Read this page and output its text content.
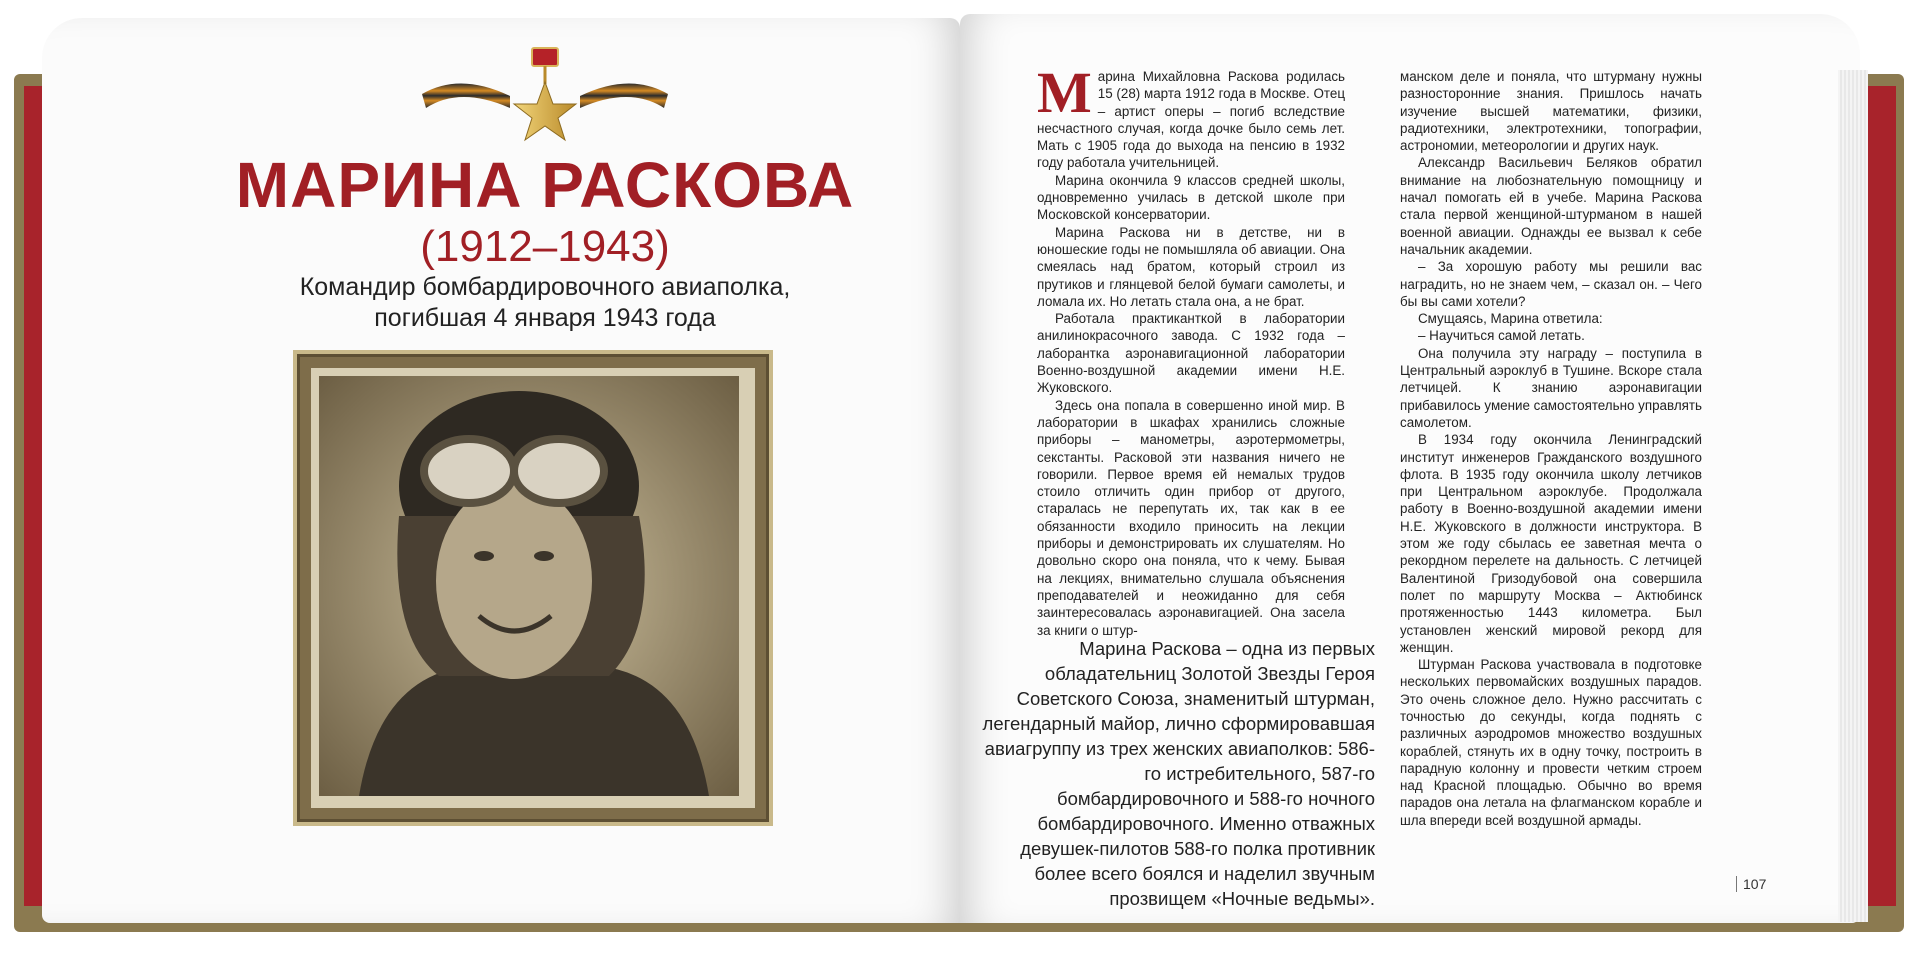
МАРИНА РАСКОВА

(1912–1943)

Командир бомбардировочного авиаполка,
погибшая 4 января 1943 года

Марина Раскова – одна из первых обладательниц Золотой Звезды Героя Советского Союза, знаменитый штурман, легендарный майор, лично сформировавшая авиагруппу из трех женских авиаполков: 586-го истребительного, 587-го бомбардировочного и 588-го ночного бомбардировочного. Именно отважных девушек-пилотов 588-го полка противник более всего боялся и наделил звучным прозвищем «Ночные ведьмы».

Марина Михайловна Раскова родилась 15 (28) марта 1912 года в Москве. Отец – артист оперы – погиб вследствие несчастного случая, когда дочке было семь лет. Мать с 1905 года до выхода на пенсию в 1932 году работала учительницей.

Марина окончила 9 классов средней школы, одновременно училась в детской школе при Московской консерватории.

Марина Раскова ни в детстве, ни в юношеские годы не помышляла об авиации. Она смеялась над братом, который строил из прутиков и глянцевой белой бумаги самолеты, и ломала их. Но летать стала она, а не брат.

Работала практиканткой в лаборатории анилинокрасочного завода. С 1932 года – лаборантка аэронавигационной лаборатории Военно-воздушной академии имени Н.Е. Жуковского.

Здесь она попала в совершенно иной мир. В лаборатории в шкафах хранились сложные приборы – манометры, аэротермометры, секстанты. Расковой эти названия ничего не говорили. Первое время ей немалых трудов стоило отличить один прибор от другого, старалась не перепутать их, так как в ее обязанности входило приносить на лекции приборы и демонстрировать их слушателям. Но довольно скоро она поняла, что к чему. Бывая на лекциях, внимательно слушала объяснения преподавателей и неожиданно для себя заинтересовалась аэронавигацией. Она засела за книги о штур-

манском деле и поняла, что штурману нужны разносторонние знания. Пришлось начать изучение высшей математики, физики, радиотехники, электротехники, топографии, астрономии, метеорологии и других наук.

Александр Васильевич Беляков обратил внимание на любознательную помощницу и начал помогать ей в учебе. Марина Раскова стала первой женщиной-штурманом в нашей военной авиации. Однажды ее вызвал к себе начальник академии.

– За хорошую работу мы решили вас наградить, но не знаем чем, – сказал он. – Чего бы вы сами хотели?

Смущаясь, Марина ответила:

– Научиться самой летать.

Она получила эту награду – поступила в Центральный аэроклуб в Тушине. Вскоре стала летчицей. К знанию аэронавигации прибавилось умение самостоятельно управлять самолетом.

В 1934 году окончила Ленинградский институт инженеров Гражданского воздушного флота. В 1935 году окончила школу летчиков при Центральном аэроклубе. Продолжала работу в Военно-воздушной академии имени Н.Е. Жуковского в должности инструктора. В этом же году сбылась ее заветная мечта о рекордном перелете на дальность. С летчицей Валентиной Гризодубовой она совершила полет по маршруту Москва – Актюбинск протяженностью 1443 километра. Был установлен женский мировой рекорд для женщин.

Штурман Раскова участвовала в подготовке нескольких первомайских воздушных парадов. Это очень сложное дело. Нужно рассчитать с точностью до секунды, когда поднять с различных аэродромов множество воздушных кораблей, стянуть их в одну точку, построить в парадную колонну и провести четким строем над Красной площадью. Обычно во время парадов она летала на флагманском корабле и шла впереди всей воздушной армады.

107
